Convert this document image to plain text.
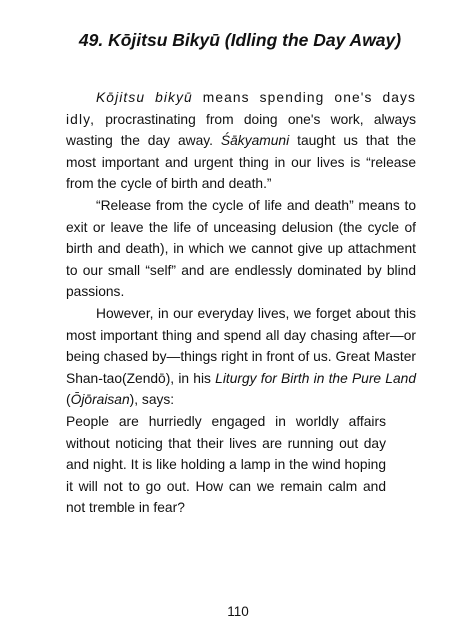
49. Kōjitsu Bikyū (Idling the Day Away)

Kōjitsu bikyū means spending one's days idly, procrastinating from doing one's work, always wasting the day away. Śākyamuni taught us that the most important and urgent thing in our lives is “release from the cycle of birth and death.”

“Release from the cycle of life and death” means to exit or leave the life of unceasing delusion (the cycle of birth and death), in which we cannot give up attachment to our small “self” and are endlessly dominated by blind passions.

However, in our everyday lives, we forget about this most important thing and spend all day chasing after—or being chased by—things right in front of us. Great Master Shan-tao(Zendō), in his Liturgy for Birth in the Pure Land (Ōjōraisan), says:

People are hurriedly engaged in worldly affairs without noticing that their lives are running out day and night. It is like holding a lamp in the wind hoping it will not to go out. How can we remain calm and not tremble in fear?

110
